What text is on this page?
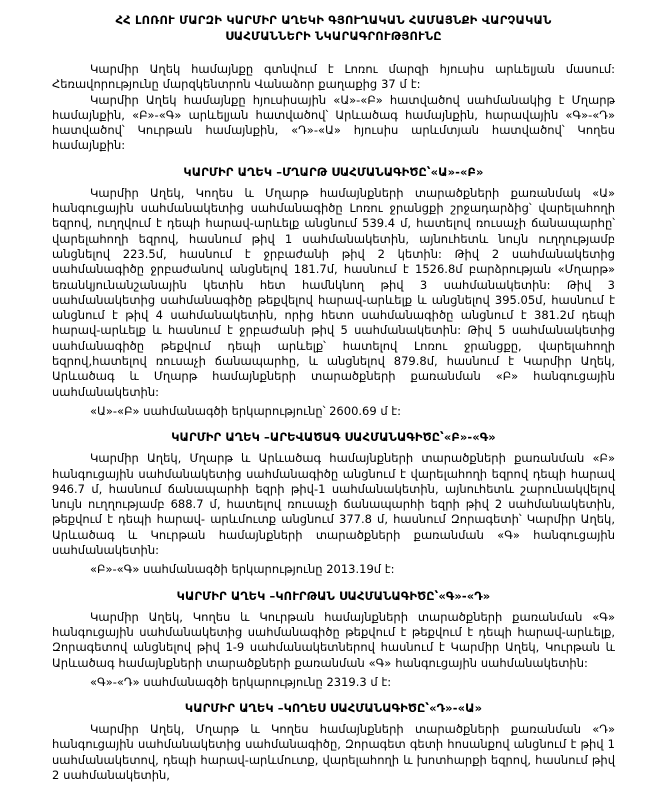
ՀՀ ԼՈՌՈՒ ՄԱՐԶԻ ԿԱՐՄԻՐ ԱՂԵԿԻ ԳՅՈՒՂԱԿԱՆ ՀԱՄԱՅՆՔԻ ՎԱՐՉԱԿԱՆ
ՍԱՀՄԱՆՆԵՐԻ ՆԿԱՐԱԳՐՈՒԹՅՈՒՆԸ

Կարմիր Աղեկ համայնքը գտնվում է Լոռու մարզի հյուսիս արևելյան մասում: Հեռավորությունը մարզկենտրոն Վանաձոր քաղաքից 37 մ է:

Կարմիր Աղեկ համայնքը հյուսիսային «Ա»-«Բ» հատվածով սահմանակից է Մղարթ համայնքին, «Բ»-«Գ» արևելյան հատվածով՝ Արևածագ համայնքին, հարավային «Գ»-«Դ» հատվածով՝ Կուրթան համայնքին, «Դ»-«Ա» հյուսիս արևմտյան հատվածով՝ Կողես համայնքին:

ԿԱՐՄԻՐ ԱՂԵԿ –ՄՂԱՐԹ ՍԱՀՄԱՆԱԳԻԾԸ՝«Ա»-«Բ»

Կարմիր Աղեկ, Կողես և Մղարթ համայնքների տարածքների քառանմակ «Ա» հանգուցային սահմանակետից սահմանագիծը Լոռու ջրանցքի շրջադարձից՝ վարելահողի եզրով, ուղղվում է դեպի հարավ-արևելք անցնում 539.4 մ, հատելով ռուսաչի ճանապարհը՝ վարելահողի եզրով, հասնում թիվ 1 սահմանակետին, այնուհետև նույն ուղղությամբ անցնելով 223.5մ, հասնում է ջրբաժանի թիվ 2 կետին: Թիվ 2 սահմանակետից սահմանագիծը ջրբաժանով անցնելով 181.7մ, հասնում է 1526.8մ բարձրության «Մղարթ» եռանկյունանշանային կետին հետ համնկնող թիվ 3 սահմանակետին: Թիվ 3 սահմանակետից սահմանագիծը թեքվելով հարավ-արևելք և անցնելով 395.05մ, հասնում է անցնում է թիվ 4 սահմանակետին, որից հետո սահմանագիծը անցնում է 381.2մ դեպի հարավ-արևելք և հասնում է ջրբաժանի թիվ 5 սահմանակետին: Թիվ 5 սահմանակետից սահմանագիծը թեքվում դեպի արևելք՝ հատելով Լոռու ջրանցքը, վարելահողի եզրով,հատելով ռուսաչի ճանապարհը, և անցնելով 879.8մ, հասնում է Կարմիր Աղեկ, Արևածագ և Մղարթ համայնքների տարածքների քառանման «Բ» հանգուցային սահմանակետին:

«Ա»-«Բ» սահմանագծի երկարությունը՝ 2600.69 մ է:

ԿԱՐՄԻՐ ԱՂԵԿ –ԱՐԵՎԱԾԱԳ ՍԱՀՄԱՆԱԳԻԾԸ՝«Բ»-«Գ»

Կարմիր Աղեկ, Մղարթ և Արևածագ համայնքների տարածքների քառանման «Բ» հանգուցային սահմանակետից սահմանագիծը անցնում է վարելահողի եզրով դեպի հարավ 946.7 մ, հասնում ճանապարհի եզրի թիվ-1 սահմանակետին, այնուհետև շարունակվելով նույն ուղղությամբ 688.7 մ, հատելով ռուսաչի ճանապարհի եզրի թիվ 2 սահմանակետին, թեքվում է դեպի հարավ- արևմուտք անցնում 377.8 մ, հասնում Զորագետի՝ Կարմիր Աղեկ, Արևածագ և Կուրթան համայնքների տարածքների քառանման «Գ» հանգուցային սահմանակետին:

«Բ»-«Գ» սահմանագծի երկարությունը 2013.19մ է:

ԿԱՐՄԻՐ ԱՂԵԿ –ԿՈՒՐԹԱՆ ՍԱՀՄԱՆԱԳԻԾԸ՝«Գ»-«Դ»

Կարմիր Աղեկ, Կողես և Կուրթան համայնքների տարածքների քառանման «Գ» հանգուցային սահմանակետից սահմանագիծը թեքվում է թեքվում է դեպի հարավ-արևելք, Զորագետով անցնելով թիվ 1-9 սահմանակետներով հասնում է Կարմիր Աղեկ, Կուրթան և Արևածագ համայնքների տարածքների քառանման «Գ» հանգուցային սահմանակետին:

«Գ»-«Դ» սահմանագծի երկարությունը 2319.3 մ է:

ԿԱՐՄԻՐ ԱՂԵԿ –ԿՈՂԵՍ ՍԱՀՄԱՆԱԳԻԾԸ՝«Դ»-«Ա»

Կարմիր Աղեկ, Մղարթ և Կողես համայնքների տարածքների քառանման «Դ» հանգուցային սահմանակետից սահմանագիծը, Զորագետ գետի հոսանքով անցնում է թիվ 1 սահմանակետով, դեպի հարավ-արևմուտք, վարելահողի և խոտհարքի եզրով, հասնում թիվ 2 սահմանակետին,
